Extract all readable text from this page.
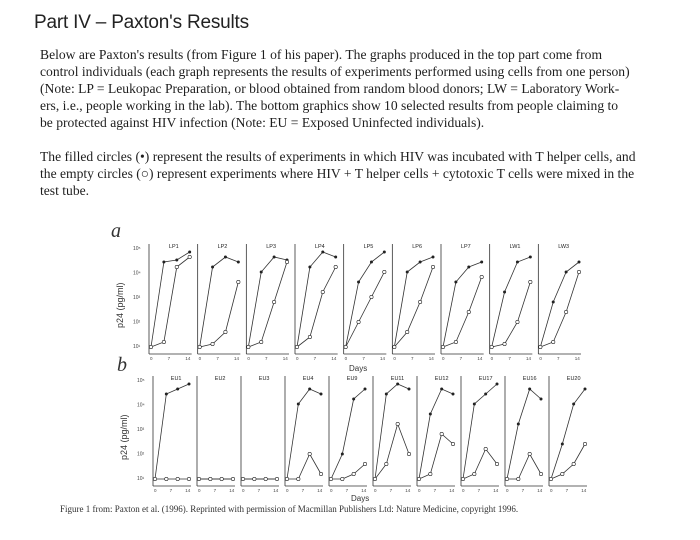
Part IV – Paxton's Results
Below are Paxton's results (from Figure 1 of his paper). The graphs produced in the top part come from
control individuals (each graph represents the results of experiments performed using cells from one person)
(Note: LP = Leukopac Preparation, or blood obtained from random blood donors; LW = Laboratory Work-
ers, i.e., people working in the lab). The bottom graphics show 10 selected results from people claiming to
be protected against HIV infection (Note: EU = Exposed Uninfected individuals).
The filled circles (•) represent the results of experiments in which HIV was incubated with T helper cells, and
the empty circles (○) represent experiments where HIV + T helper cells + cytotoxic T cells were mixed in the
test tube.
a
b
p24 (pg/ml)
p24 (pg/ml)
Days
Days
10⁵
10⁴
10³
10²
10¹
LP1
0	7	14
LP2
0	7	14
LP3
0	7	14
LP4
0	7	14
LP5
0	7	14
LP6
0	7	14
LP7
0	7	14
LW1
0	7	14
LW3
0	7	14
10⁵
10⁴
10³
10²
10¹
EU1
0	7	14
EU2
0	7	14
EU3
0	7	14
EU4
0	7	14
EU9
0	7	14
EU11
0	7	14
EU12
0	7	14
EU17
0	7	14
EU16
0	7	14
EU20
0	7	14
Figure 1 from: Paxton et al. (1996). Reprinted with permission of Macmillan Publishers Ltd: Nature Medicine, copyright 1996.
